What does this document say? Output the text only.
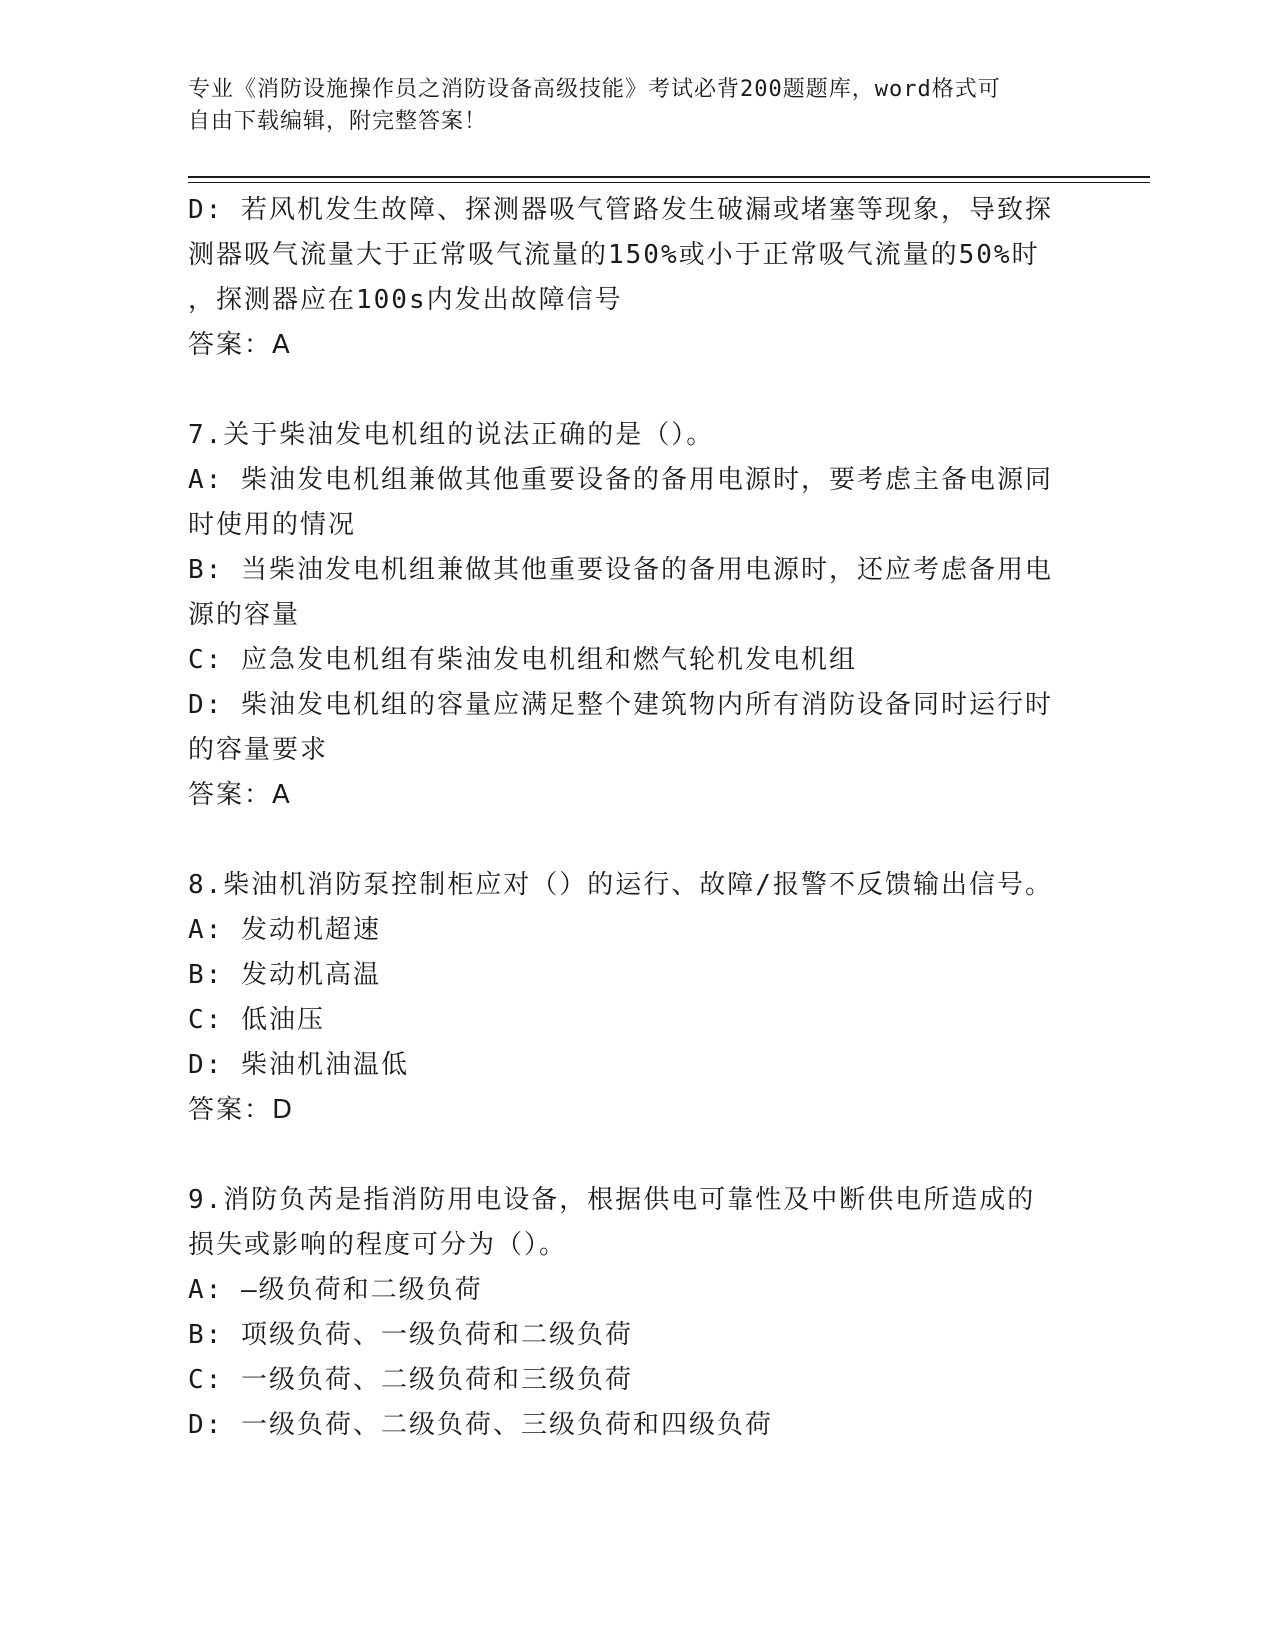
专业《消防设施操作员之消防设备高级技能》考试必背200题题库，word格式可

自由下载编辑，附完整答案！

D: 若风机发生故障、探测器吸气管路发生破漏或堵塞等现象，导致探

测器吸气流量大于正常吸气流量的150%或小于正常吸气流量的50%时

，探测器应在100s内发出故障信号

答案：A

7.关于柴油发电机组的说法正确的是（）。

A: 柴油发电机组兼做其他重要设备的备用电源时，要考虑主备电源同

时使用的情况

B: 当柴油发电机组兼做其他重要设备的备用电源时，还应考虑备用电

源的容量

C: 应急发电机组有柴油发电机组和燃气轮机发电机组

D: 柴油发电机组的容量应满足整个建筑物内所有消防设备同时运行时

的容量要求

答案：A

8.柴油机消防泵控制柜应对（）的运行、故障/报警不反馈输出信号。

A: 发动机超速

B: 发动机高温

C: 低油压

D: 柴油机油温低

答案：D

9.消防负芮是指消防用电设备，根据供电可靠性及中断供电所造成的

损失或影响的程度可分为（）。

A: —级负荷和二级负荷

B: 项级负荷、一级负荷和二级负荷

C: 一级负荷、二级负荷和三级负荷

D: 一级负荷、二级负荷、三级负荷和四级负荷
